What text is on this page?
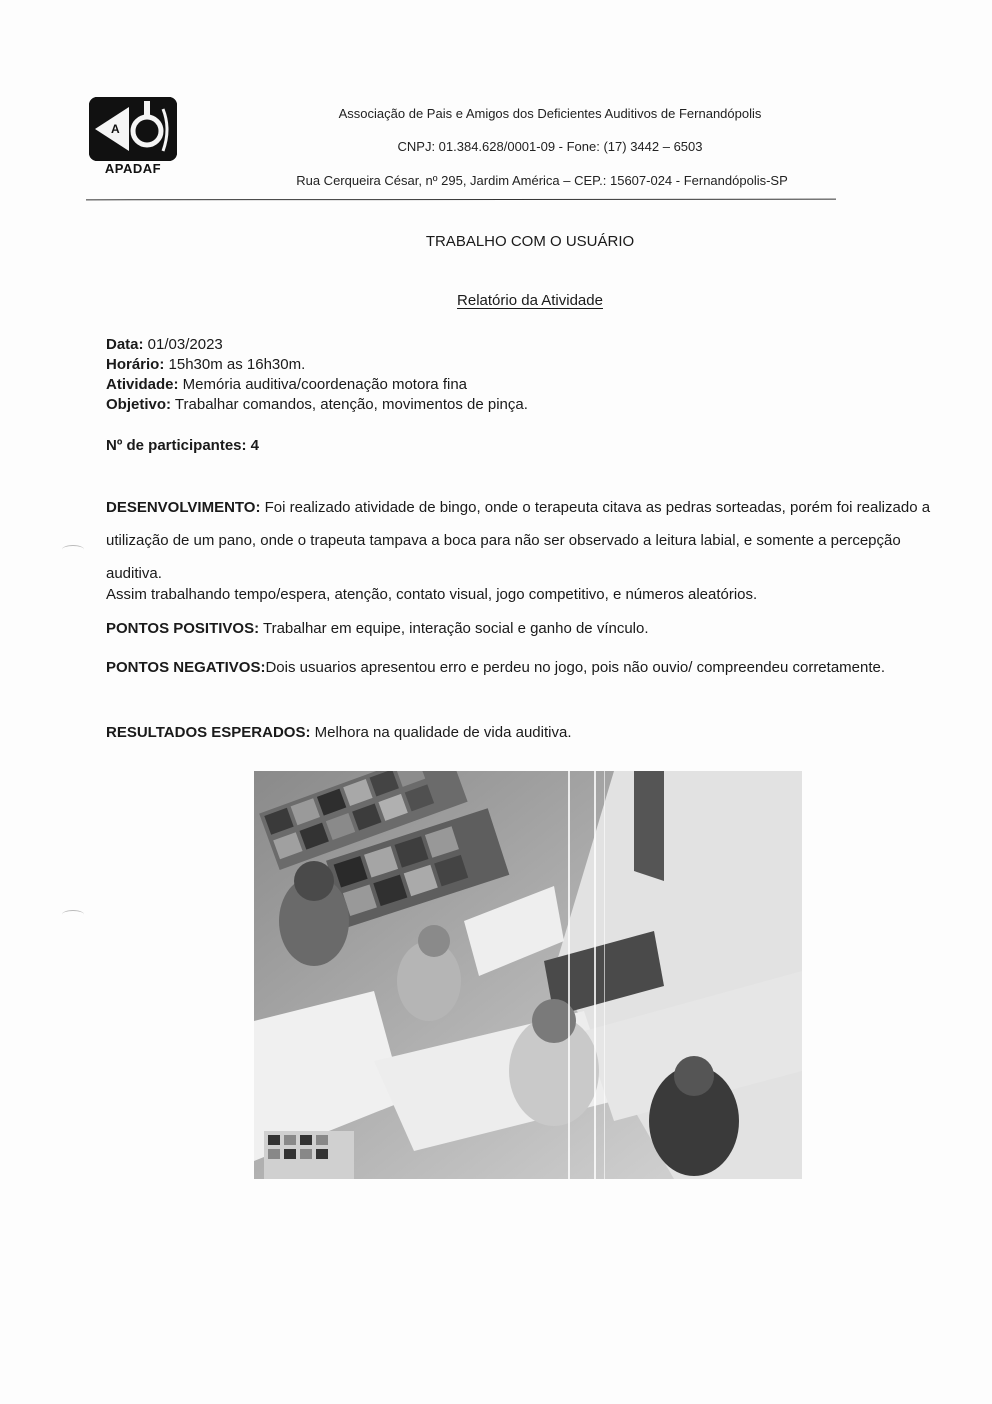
A
APADAF
Associação de Pais e Amigos dos Deficientes Auditivos de Fernandópolis
CNPJ: 01.384.628/0001-09 - Fone: (17) 3442 – 6503
Rua Cerqueira César, nº 295, Jardim América – CEP.: 15607-024 - Fernandópolis-SP
TRABALHO COM O USUÁRIO
Relatório da Atividade
Data: 01/03/2023
Horário: 15h30m as 16h30m.
Atividade: Memória auditiva/coordenação motora fina
Objetivo: Trabalhar comandos, atenção, movimentos de pinça.
Nº de participantes: 4
DESENVOLVIMENTO: Foi realizado atividade de bingo, onde o terapeuta citava as pedras sorteadas, porém foi realizado a utilização de um pano, onde o trapeuta tampava a boca para não ser observado a leitura labial, e somente a percepção auditiva.
Assim trabalhando tempo/espera, atenção, contato visual, jogo competitivo, e números aleatórios.
PONTOS POSITIVOS: Trabalhar em equipe, interação social e ganho de vínculo.
PONTOS NEGATIVOS:Dois usuarios apresentou erro e perdeu no jogo, pois não ouvio/ compreendeu corretamente.
RESULTADOS ESPERADOS: Melhora na qualidade de vida auditiva.
